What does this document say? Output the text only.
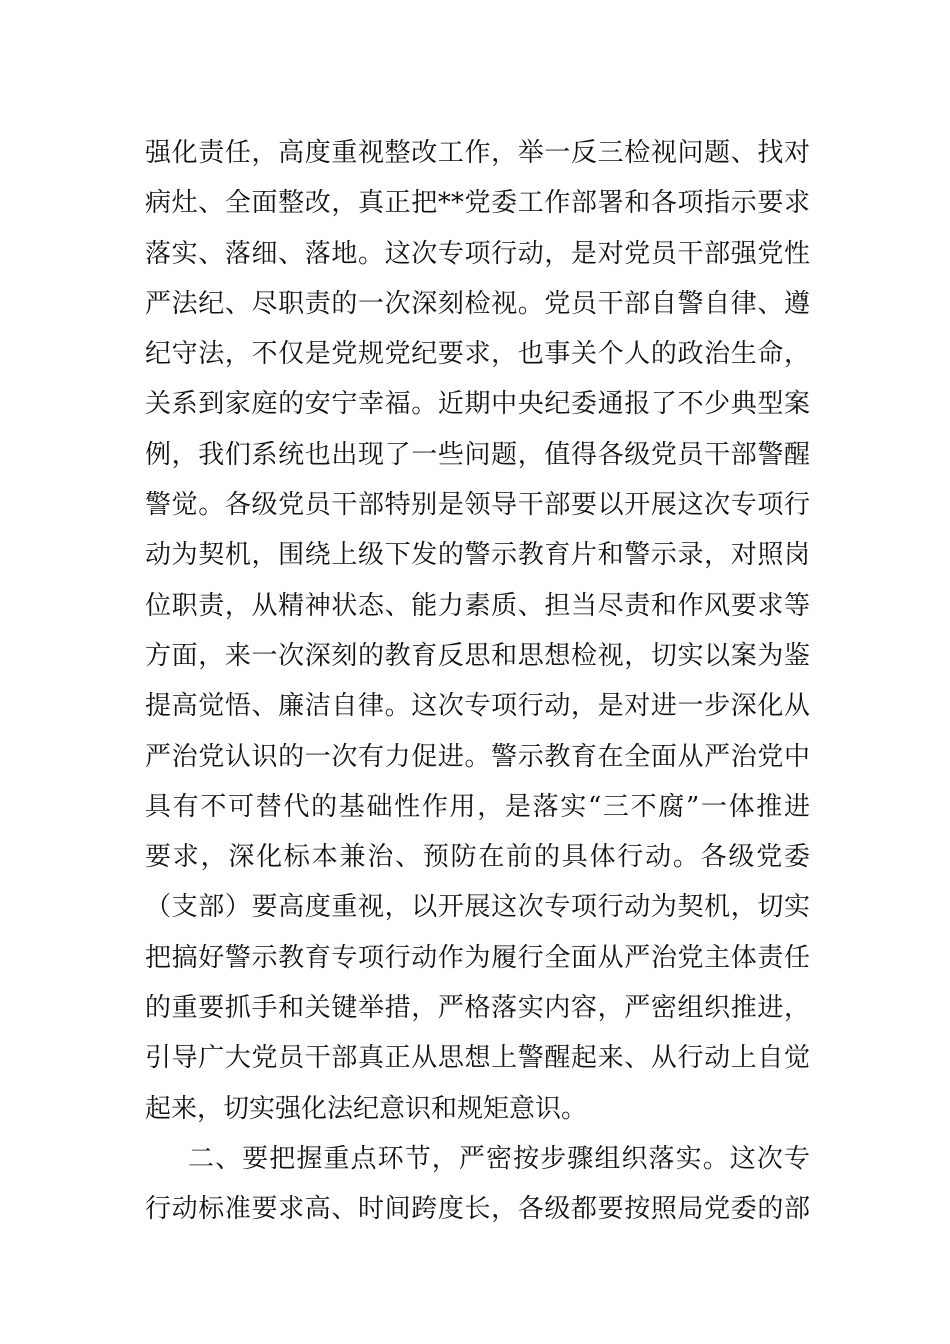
强化责任，高度重视整改工作，举一反三检视问题、找对
病灶、全面整改，真正把**党委工作部署和各项指示要求
落实、落细、落地。这次专项行动，是对党员干部强党性
严法纪、尽职责的一次深刻检视。党员干部自警自律、遵
纪守法，不仅是党规党纪要求，也事关个人的政治生命，
关系到家庭的安宁幸福。近期中央纪委通报了不少典型案
例，我们系统也出现了一些问题，值得各级党员干部警醒
警觉。各级党员干部特别是领导干部要以开展这次专项行
动为契机，围绕上级下发的警示教育片和警示录，对照岗
位职责，从精神状态、能力素质、担当尽责和作风要求等
方面，来一次深刻的教育反思和思想检视，切实以案为鉴
提高觉悟、廉洁自律。这次专项行动，是对进一步深化从
严治党认识的一次有力促进。警示教育在全面从严治党中
具有不可替代的基础性作用，是落实“三不腐”一体推进
要求，深化标本兼治、预防在前的具体行动。各级党委
（支部）要高度重视，以开展这次专项行动为契机，切实
把搞好警示教育专项行动作为履行全面从严治党主体责任
的重要抓手和关键举措，严格落实内容，严密组织推进，
引导广大党员干部真正从思想上警醒起来、从行动上自觉
起来，切实强化法纪意识和规矩意识。
二、要把握重点环节，严密按步骤组织落实。这次专
行动标准要求高、时间跨度长，各级都要按照局党委的部
